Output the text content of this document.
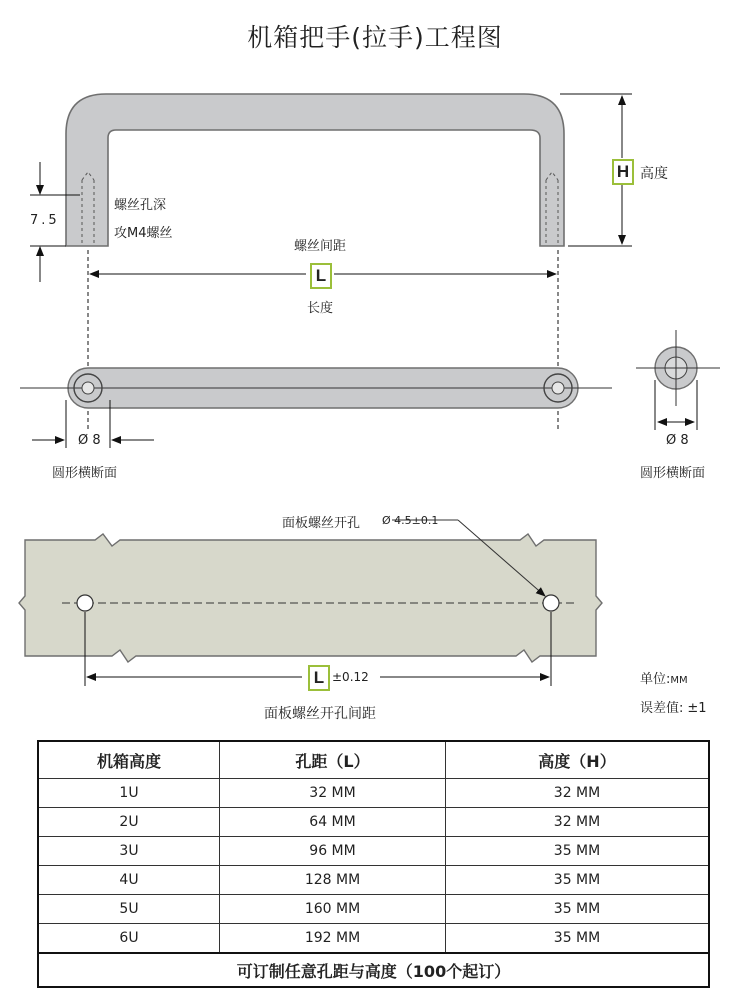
机箱把手(拉手)工程图
H 高度
7.5
螺丝孔深
攻M4螺丝
螺丝间距
L
长度
Ø 8
圆形横断面
Ø 8
圆形横断面
面板螺丝开孔 Ø 4.5±0.1
L ±0.12
面板螺丝开孔间距
单位:MM
误差值: ±1
机箱高度	孔距（L）	高度（H）
1U	32 MM	32 MM
2U	64 MM	32 MM
3U	96 MM	35 MM
4U	128 MM	35 MM
5U	160 MM	35 MM
6U	192 MM	35 MM
可订制任意孔距与高度（100个起订）		
